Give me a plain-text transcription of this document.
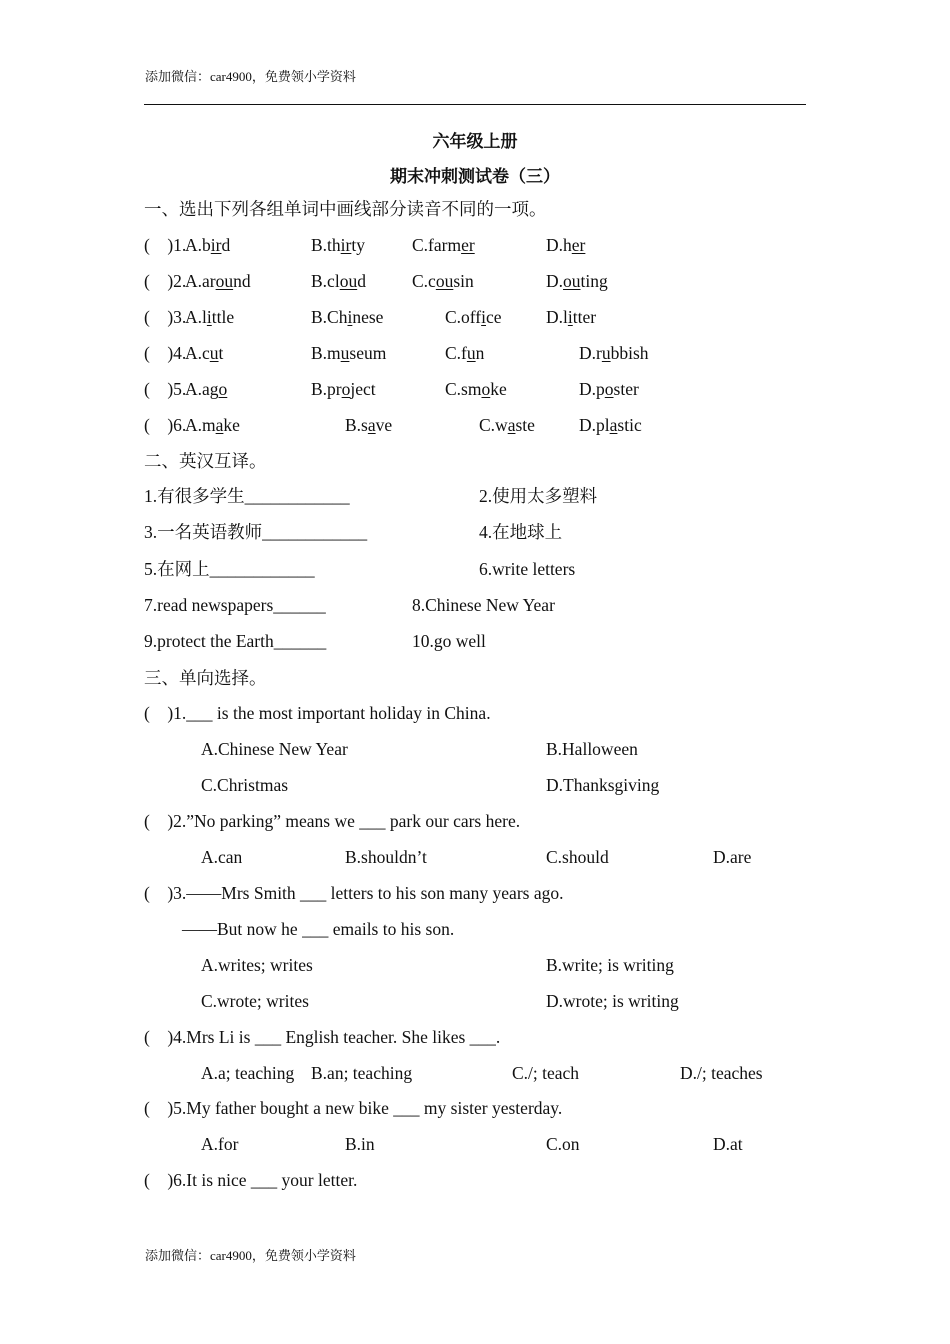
添加微信：car4900，免费领小学资料
六年级上册
期末冲刺测试卷（三）
一、选出下列各组单词中画线部分读音不同的一项。
(　)1.
A.bird	B.thirty	C.farmer	D.her
(　)2.
A.around	B.cloud	C.cousin	D.outing
(　)3.
A.little	B.Chinese	C.office	D.litter
(　)4.
A.cut	B.museum	C.fun	D.rubbish
(　)5.
A.ago	B.project	C.smoke	D.poster
(　)6.
A.make	B.save	C.waste	D.plastic
二、英汉互译。
1.有很多学生____________	2.使用太多塑料
3.一名英语教师____________	4.在地球上
5.在网上____________	6.write letters
7.read newspapers______	8.Chinese New Year
9.protect the Earth______	10.go well
三、单向选择。
(　)1.___ is the most important holiday in China.
A.Chinese New Year	B.Halloween
C.Christmas	D.Thanksgiving
(　)2.”No parking” means we ___ park our cars here.
A.can	B.shouldn’t	C.should	D.are
(　)3.——Mrs Smith ___ letters to his son many years ago.
——But now he ___ emails to his son.
A.writes; writes	B.write; is writing
C.wrote; writes	D.wrote; is writing
(　)4.Mrs Li is ___ English teacher. She likes ___.
A.a; teaching B.an; teaching	C./; teach	D./; teaches
(　)5.My father bought a new bike ___ my sister yesterday.
A.for	B.in	C.on	D.at
(　)6.It is nice ___ your letter.
添加微信：car4900，免费领小学资料
